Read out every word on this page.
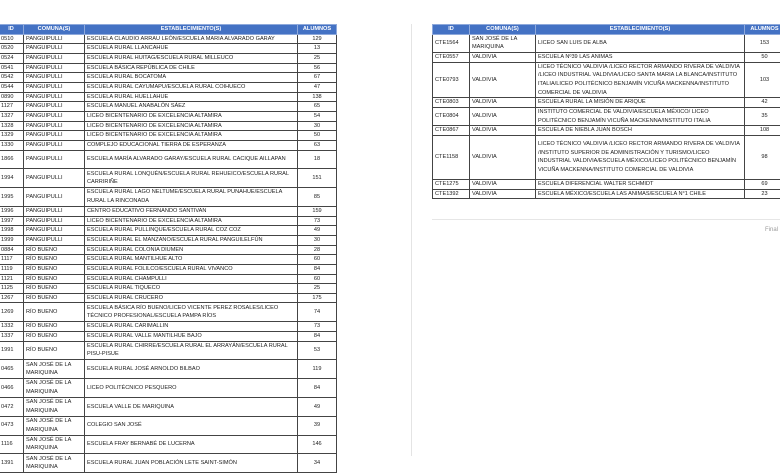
ID	COMUNA(S)	ESTABLECIMIENTO(S)	ALUMNOS
0510	PANGUIPULLI	ESCUELA CLAUDIO ARRAU LEÓN/ESCUELA MARIA ALVARADO GARAY	129
0520	PANGUIPULLI	ESCUELA RURAL LLANCAHUE	13
0524	PANGUIPULLI	ESCUELA RURAL HUITAG/ESCUELA RURAL MILLEUCO	25
0541	PANGUIPULLI	ESCUELA BÁSICA REPÚBLICA DE CHILE	56
0542	PANGUIPULLI	ESCUELA RURAL BOCATOMA	67
0544	PANGUIPULLI	ESCUELA RURAL CAYUMAPU/ESCUELA RURAL COIHUECO	47
0890	PANGUIPULLI	ESCUELA RURAL HUELLAHUE	138
1127	PANGUIPULLI	ESCUELA MANUEL ANABALÓN SÁEZ	65
1327	PANGUIPULLI	LICEO BICENTENARIO DE EXCELENCIA ALTAMIRA	54
1328	PANGUIPULLI	LICEO BICENTENARIO DE EXCELENCIA ALTAMIRA	30
1329	PANGUIPULLI	LICEO BICENTENARIO DE EXCELENCIA ALTAMIRA	50
1330	PANGUIPULLI	COMPLEJO EDUCACIONAL TIERRA DE ESPERANZA	63
1866	PANGUIPULLI	ESCUELA MARÍA ALVARADO GARAY/ESCUELA RURAL CACIQUE AILLAPAN	18
1994	PANGUIPULLI	ESCUELA RURAL LONQUÉN/ESCUELA RURAL REHUEICO/ESCUELA RURAL CARRIRIÑE	151
1995	PANGUIPULLI	ESCUELA RURAL LAGO NELTUME/ESCUELA RURAL PUNAHUE/ESCUELA RURAL LA RINCONADA	85
1996	PANGUIPULLI	CENTRO EDUCATIVO FERNANDO SANTIVAN	159
1997	PANGUIPULLI	LICEO BICENTENARIO DE EXCELENCIA ALTAMIRA	73
1998	PANGUIPULLI	ESCUELA RURAL PULLINQUE/ESCUELA RURAL COZ COZ	49
1999	PANGUIPULLI	ESCUELA RURAL EL MANZANO/ESCUELA RURAL PANGUILELFÚN	30
0884	RÍO BUENO	ESCUELA RURAL COLONIA DIUMEN	28
1117	RÍO BUENO	ESCUELA RURAL MANTILHUE ALTO	60
1119	RÍO BUENO	ESCUELA RURAL FOLILCO/ESCUELA RURAL VIVANCO	84
1121	RÍO BUENO	ESCUELA RURAL CHAMPULLI	60
1125	RÍO BUENO	ESCUELA RURAL TIQUECO	25
1267	RÍO BUENO	ESCUELA RURAL CRUCERO	175
1269	RÍO BUENO	ESCUELA BÁSICA RÍO BUENO/LICEO VICENTE PEREZ ROSALES/LICEO TÉCNICO PROFESIONAL/ESCUELA PAMPA RÍOS	74
1332	RÍO BUENO	ESCUELA RURAL CARIMALLIN	73
1337	RÍO BUENO	ESCUELA RURAL VALLE MANTILHUE BAJO	84
1991	RÍO BUENO	ESCUELA RURAL CHIRRE/ESCUELA RURAL EL ARRAYÁN/ESCUELA RURAL PISU-PISUE	53
0465	SAN JOSÉ DE LA MARIQUINA	ESCUELA RURAL JOSÉ ARNOLDO BILBAO	119
0466	SAN JOSÉ DE LA MARIQUINA	LICEO POLITÉCNICO PESQUERO	84
0472	SAN JOSÉ DE LA MARIQUINA	ESCUELA VALLE DE MARIQUINA	49
0473	SAN JOSÉ DE LA MARIQUINA	COLEGIO SAN JOSÉ	39
1116	SAN JOSÉ DE LA MARIQUINA	ESCUELA FRAY BERNABÉ DE LUCERNA	146
1391	SAN JOSÉ DE LA MARIQUINA	ESCUELA RURAL JUAN POBLACIÓN LETE SAINT-SIMÓN	34
ID	COMUNA(S)	ESTABLECIMIENTO(S)	ALUMNOS
CTE1564	SAN JOSÉ DE LA MARIQUINA	LICEO SAN LUIS DE ALBA	153
CTE0557	VALDIVIA	ESCUELA Nº39 LAS ANIMAS	50
CTE0793	VALDIVIA	LICEO TÉCNICO VALDIVIA /LICEO RECTOR ARMANDO RIVERA DE VALDIVIA /LICEO INDUSTRIAL VALDIVIA/LICEO SANTA MARIA LA BLANCA/INSTITUTO ITALIA/LICEO POLITÉCNICO BENJAMÍN VICUÑA MACKENNA/INSTITUTO COMERCIAL DE VALDIVIA	103
CTE0803	VALDIVIA	ESCUELA RURAL LA MISIÓN DE ARIQUE	42
CTE0804	VALDIVIA	INSTITUTO COMERCIAL DE VALDIVIA/ESCUELA MÉXICO/ LICEO POLITÉCNICO BENJAMÍN VICUÑA MACKENNA/INSTITUTO ITALIA	35
CTE0867	VALDIVIA	ESCUELA DE NIEBLA JUAN BOSCH	108
CTE1158	VALDIVIA	LICEO TÉCNICO VALDIVIA /LICEO RECTOR ARMANDO RIVERA DE VALDIVIA /INSTITUTO SUPERIOR DE ADMINISTRACIÓN Y TURISMO/LICEO INDUSTRIAL VALDIVIA/ESCUELA MÉXICO/LICEO POLITÉCNICO BENJAMÍN VICUÑA MACKENNA/INSTITUTO COMERCIAL DE VALDIVIA	98
CTE1275	VALDIVIA	ESCUELA DIFERENCIAL WALTER SCHMIDT	69
CTE1392	VALDIVIA	ESCUELA MÉXICO/ESCUELA LAS ANIMAS/ESCUELA N°1 CHILE	23
Final
